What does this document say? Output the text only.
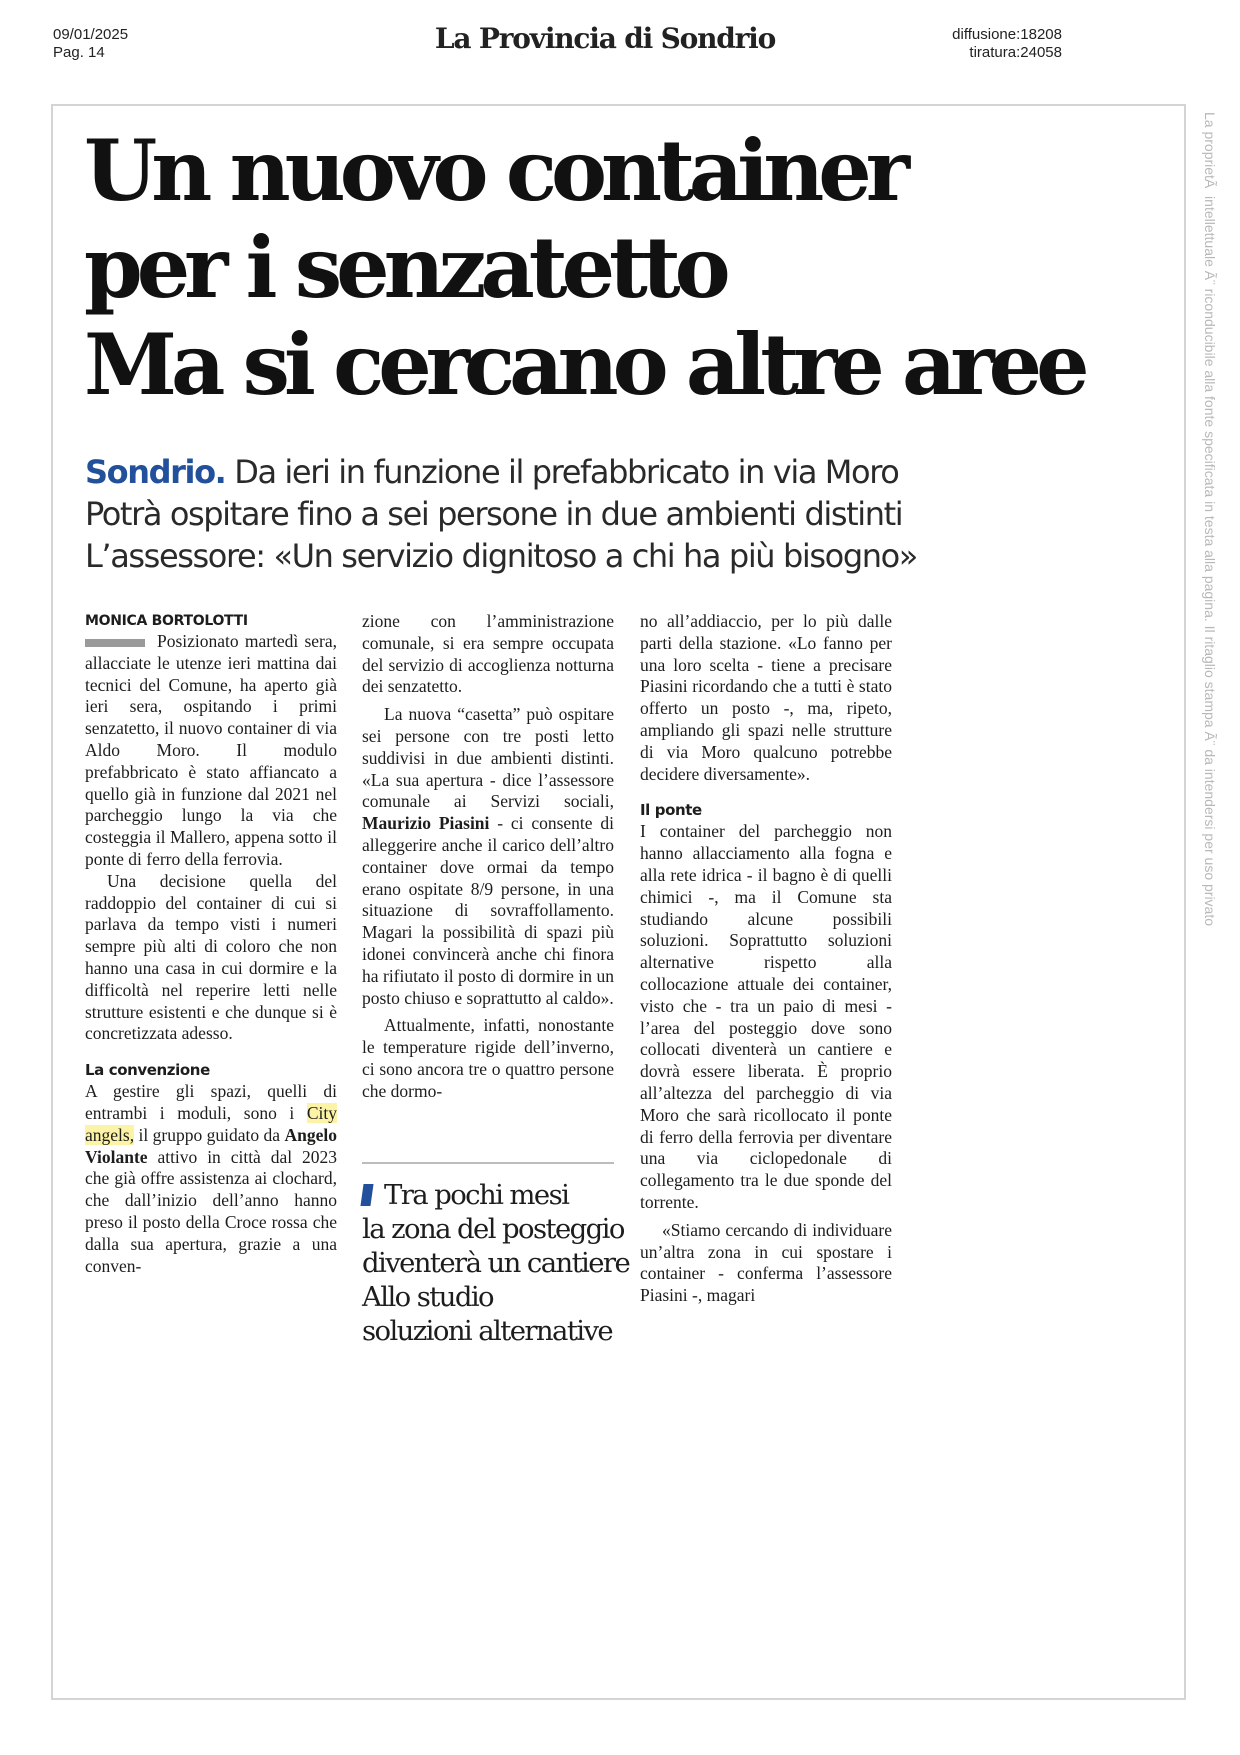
09/01/2025
Pag. 14	La Provincia di Sondrio	diffusione:18208
tiratura:24058
La proprietÃ  intellettuale Ã¨ riconducibile alla fonte specificata in testa alla pagina. Il ritaglio stampa Ã¨ da intendersi per uso privato
Un nuovo container
per i senzatetto
Ma si cercano altre aree
Sondrio. Da ieri in funzione il prefabbricato in via Moro
Potrà ospitare fino a sei persone in due ambienti distinti
L’assessore: «Un servizio dignitoso a chi ha più bisogno»
MONICA BORTOLOTTI

Posizionato martedì sera, allacciate le utenze ieri mattina dai tecnici del Comune, ha aperto già ieri sera, ospitando i primi senzatetto, il nuovo container di via Aldo Moro. Il modulo prefabbricato è stato affiancato a quello già in funzione dal 2021 nel parcheggio lungo la via che costeggia il Mallero, appena sotto il ponte di ferro della ferrovia.

Una decisione quella del raddoppio del container di cui si parlava da tempo visti i numeri sempre più alti di coloro che non hanno una casa in cui dormire e la difficoltà nel reperire letti nelle strutture esistenti e che dunque si è concretizzata adesso.

La convenzione

A gestire gli spazi, quelli di entrambi i moduli, sono i City angels, il gruppo guidato da Angelo Violante attivo in città dal 2023 che già offre assistenza ai clochard, che dall’inizio dell’anno hanno preso il posto della Croce rossa che dalla sua apertura, grazie a una conven-

zione con l’amministrazione comunale, si era sempre occupata del servizio di accoglienza notturna dei senzatetto.

La nuova “casetta” può ospitare sei persone con tre posti letto suddivisi in due ambienti distinti. «La sua apertura - dice l’assessore comunale ai Servizi sociali, Maurizio Piasini - ci consente di alleggerire anche il carico dell’altro container dove ormai da tempo erano ospitate 8/9 persone, in una situazione di sovraffollamento. Magari la possibilità di spazi più idonei convincerà anche chi finora ha rifiutato il posto di dormire in un posto chiuso e soprattutto al caldo».

Attualmente, infatti, nonostante le temperature rigide dell’inverno, ci sono ancora tre o quattro persone che dormo-

Tra pochi mesi
la zona del posteggio
diventerà un cantiere
Allo studio
soluzioni alternative

no all’addiaccio, per lo più dalle parti della stazione. «Lo fanno per una loro scelta - tiene a precisare Piasini ricordando che a tutti è stato offerto un posto -, ma, ripeto, ampliando gli spazi nelle strutture di via Moro qualcuno potrebbe decidere diversamente».

Il ponte

I container del parcheggio non hanno allacciamento alla fogna e alla rete idrica - il bagno è di quelli chimici -, ma il Comune sta studiando alcune possibili soluzioni. Soprattutto soluzioni alternative rispetto alla collocazione attuale dei container, visto che - tra un paio di mesi - l’area del posteggio dove sono collocati diventerà un cantiere e dovrà essere liberata. È proprio all’altezza del parcheggio di via Moro che sarà ricollocato il ponte di ferro della ferrovia per diventare una via ciclopedonale di collegamento tra le due sponde del torrente.

«Stiamo cercando di individuare un’altra zona in cui spostare i container - conferma l’assessore Piasini -, magari
